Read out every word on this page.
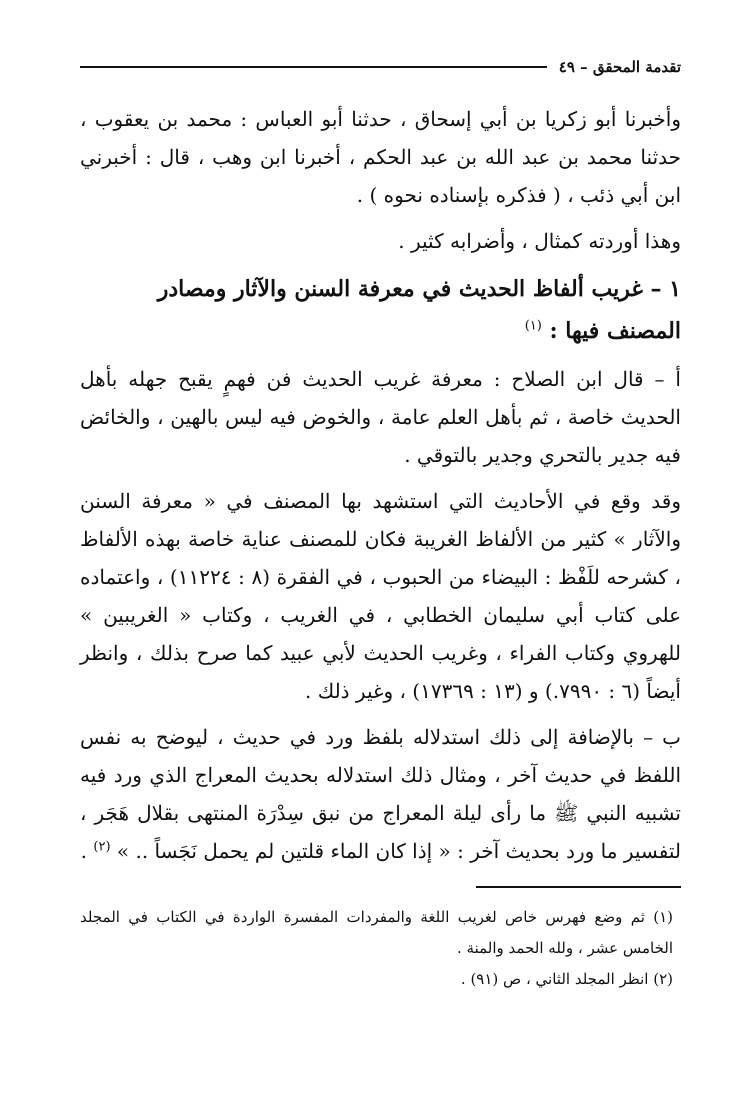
تقدمة المحقق – ٤٩

وأخبرنا أبو زكريا بن أبي إسحاق ، حدثنا أبو العباس : محمد بن يعقوب ، حدثنا محمد بن عبد الله بن عبد الحكم ، أخبرنا ابن وهب ، قال : أخبرني ابن أبي ذئب ، ( فذكره بإسناده نحوه ) .

وهذا أوردته كمثال ، وأضرابه كثير .

١ – غريب ألفاظ الحديث في معرفة السنن والآثار ومصادر المصنف فيها : $^{(١)}$

أ – قال ابن الصلاح : معرفة غريب الحديث فن فهمٍ يقبح جهله بأهل الحديث خاصة ، ثم بأهل العلم عامة ، والخوض فيه ليس بالهين ، والخائض فيه جدير بالتحري وجدير بالتوقي .

وقد وقع في الأحاديث التي استشهد بها المصنف في « معرفة السنن والآثار » كثير من الألفاظ الغريبة فكان للمصنف عناية خاصة بهذه الألفاظ ، كشرحه للَفْظ : البيضاء من الحبوب ، في الفقرة (٨ : ١١٢٢٤) ، واعتماده على كتاب أبي سليمان الخطابي ، في الغريب ، وكتاب « الغريبين » للهروي وكتاب الفراء ، وغريب الحديث لأبي عبيد كما صرح بذلك ، وانظر أيضاً (٦ : ٧٩٩٠.) و (١٣ : ١٧٣٦٩) ، وغير ذلك .

ب – بالإضافة إلى ذلك استدلاله بلفظ ورد في حديث ، ليوضح به نفس اللفظ في حديث آخر ، ومثال ذلك استدلاله بحديث المعراج الذي ورد فيه تشبيه النبي ﷺ ما رأى ليلة المعراج من نبق سِدْرَة المنتهى بقلال هَجَر ، لتفسير ما ورد بحديث آخر : « إذا كان الماء قلتين لم يحمل نَجَساً .. » $^{(٢)}$ .

(١) ثم وضع فهرس خاص لغريب اللغة والمفردات المفسرة الواردة في الكتاب في المجلد الخامس عشر ، ولله الحمد والمنة .

(٢) انظر المجلد الثاني ، ص (٩١) .
